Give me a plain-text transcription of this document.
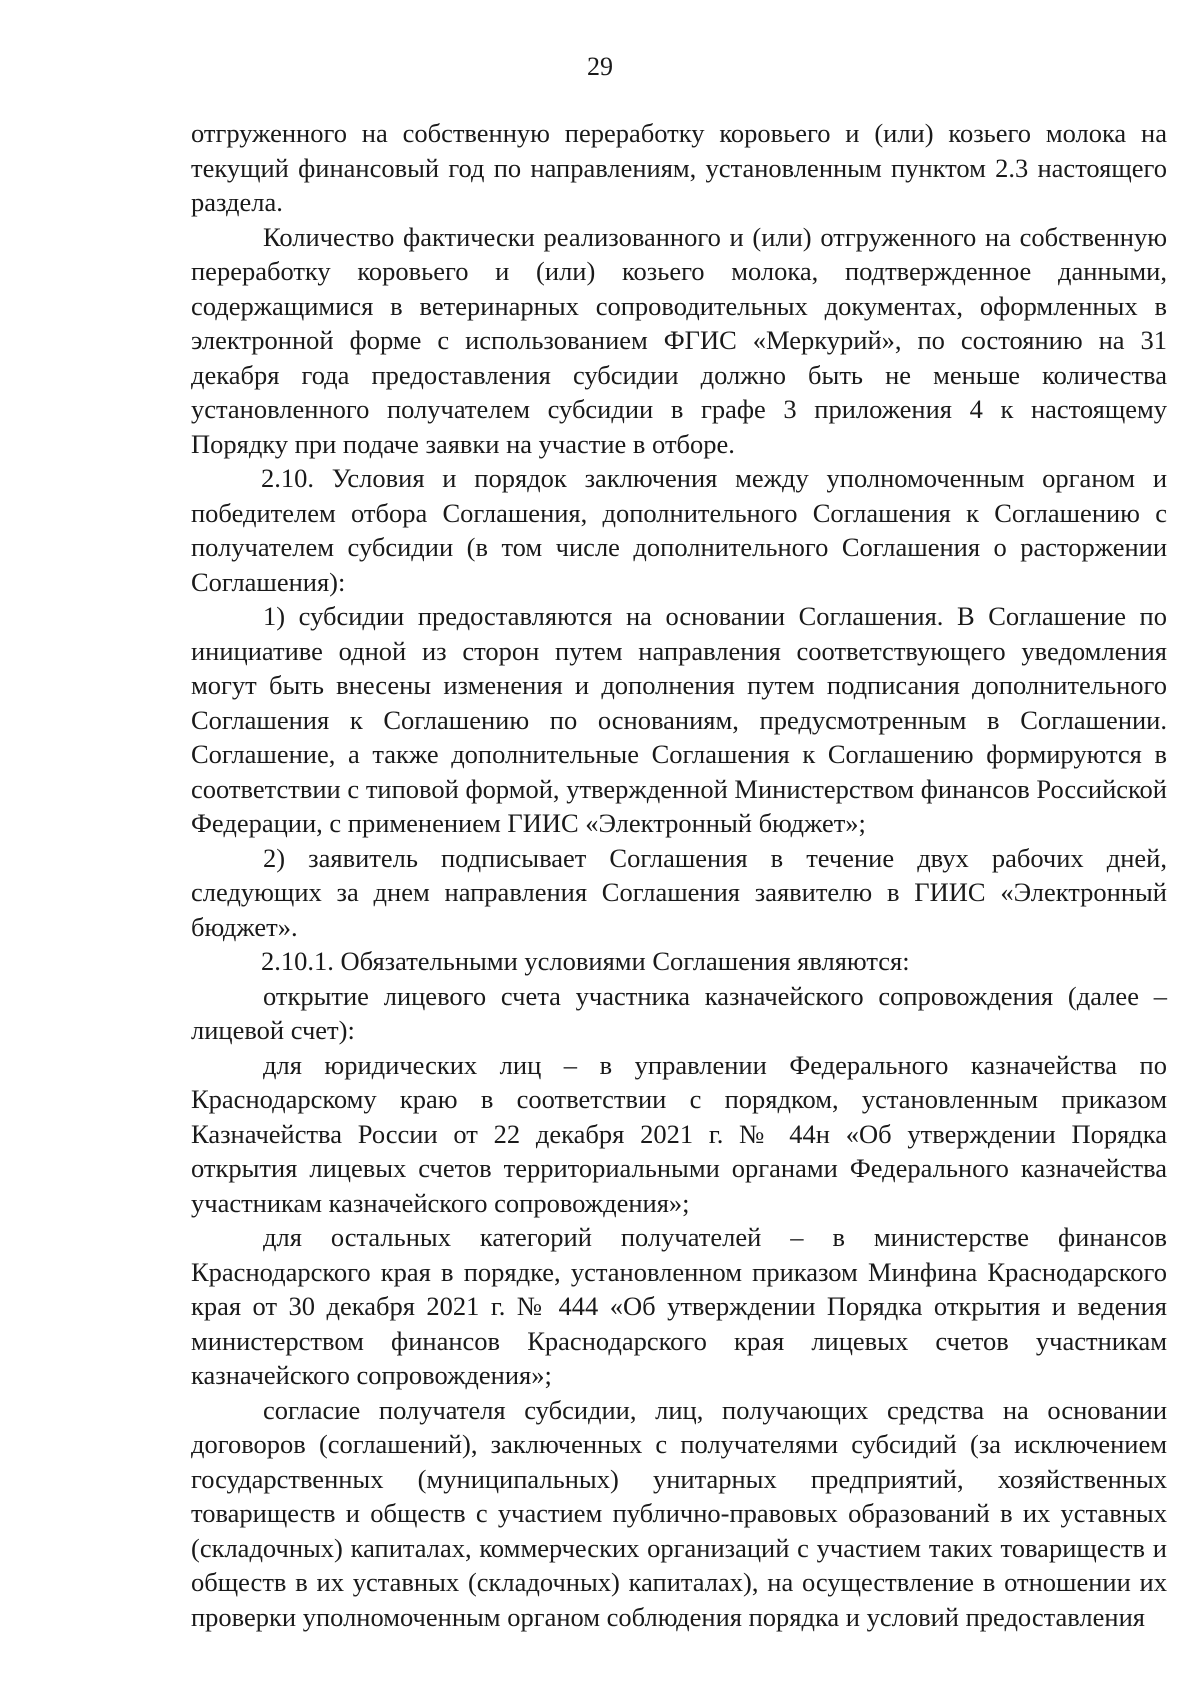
29

отгруженного на собственную переработку коровьего и (или) козьего молока на текущий финансовый год по направлениям, установленным пунктом 2.3 настоящего раздела.

Количество фактически реализованного и (или) отгруженного на собственную переработку коровьего и (или) козьего молока, подтвержденное данными, содержащимися в ветеринарных сопроводительных документах, оформленных в электронной форме с использованием ФГИС «Меркурий», по состоянию на 31 декабря года предоставления субсидии должно быть не меньше количества установленного получателем субсидии в графе 3 приложения 4 к настоящему Порядку при подаче заявки на участие в отборе.

2.10. Условия и порядок заключения между уполномоченным органом и победителем отбора Соглашения, дополнительного Соглашения к Соглашению с получателем субсидии (в том числе дополнительного Соглашения о расторжении Соглашения):

1) субсидии предоставляются на основании Соглашения. В Соглашение по инициативе одной из сторон путем направления соответствующего уведомления могут быть внесены изменения и дополнения путем подписания дополнительного Соглашения к Соглашению по основаниям, предусмотренным в Соглашении. Соглашение, а также дополнительные Соглашения к Соглашению формируются в соответствии с типовой формой, утвержденной Министерством финансов Российской Федерации, с применением ГИИС «Электронный бюджет»;

2) заявитель подписывает Соглашения в течение двух рабочих дней, следующих за днем направления Соглашения заявителю в ГИИС «Электронный бюджет».

2.10.1. Обязательными условиями Соглашения являются:

открытие лицевого счета участника казначейского сопровождения (далее – лицевой счет):

для юридических лиц – в управлении Федерального казначейства по Краснодарскому краю в соответствии с порядком, установленным приказом Казначейства России от 22 декабря 2021 г. № 44н «Об утверждении Порядка открытия лицевых счетов территориальными органами Федерального казначейства участникам казначейского сопровождения»;

для остальных категорий получателей – в министерстве финансов Краснодарского края в порядке, установленном приказом Минфина Краснодарского края от 30 декабря 2021 г. № 444 «Об утверждении Порядка открытия и ведения министерством финансов Краснодарского края лицевых счетов участникам казначейского сопровождения»;

согласие получателя субсидии, лиц, получающих средства на основании договоров (соглашений), заключенных с получателями субсидий (за исключением государственных (муниципальных) унитарных предприятий, хозяйственных товариществ и обществ с участием публично-правовых образований в их уставных (складочных) капиталах, коммерческих организаций с участием таких товариществ и обществ в их уставных (складочных) капиталах), на осуществление в отношении их проверки уполномоченным органом соблюдения порядка и условий предоставления
